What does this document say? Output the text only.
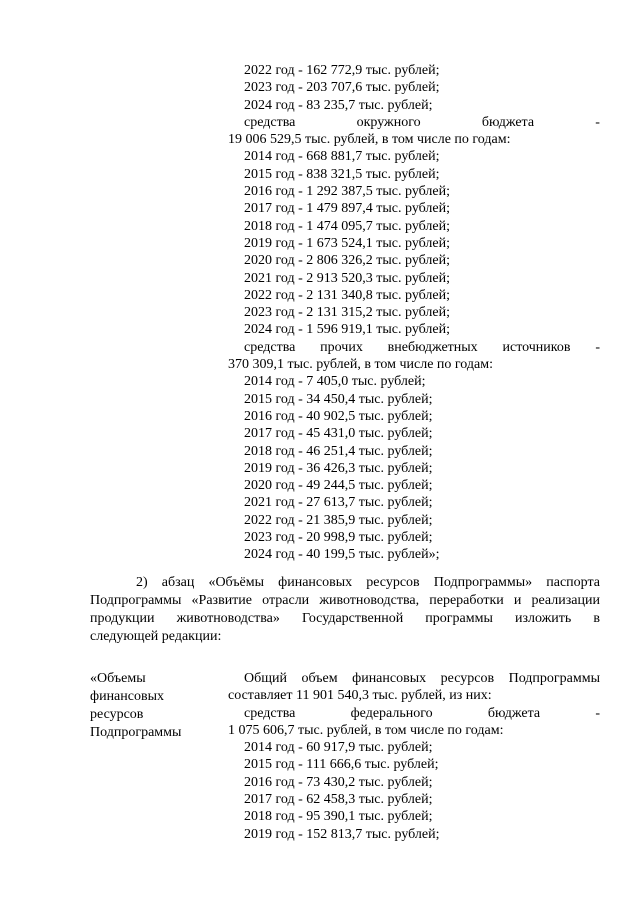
2022 год - 162 772,9 тыс. рублей;
2023 год - 203 707,6 тыс. рублей;
2024 год - 83 235,7 тыс. рублей;
средства	окружного	бюджета	-
19 006 529,5 тыс. рублей, в том числе по годам:
2014 год - 668 881,7 тыс. рублей;
2015 год - 838 321,5 тыс. рублей;
2016 год - 1 292 387,5 тыс. рублей;
2017 год - 1 479 897,4 тыс. рублей;
2018 год - 1 474 095,7 тыс. рублей;
2019 год - 1 673 524,1 тыс. рублей;
2020 год - 2 806 326,2 тыс. рублей;
2021 год - 2 913 520,3 тыс. рублей;
2022 год - 2 131 340,8 тыс. рублей;
2023 год - 2 131 315,2 тыс. рублей;
2024 год - 1 596 919,1 тыс. рублей;
средства прочих внебюджетных источников -
370 309,1 тыс. рублей, в том числе по годам:
2014 год - 7 405,0 тыс. рублей;
2015 год - 34 450,4 тыс. рублей;
2016 год - 40 902,5 тыс. рублей;
2017 год - 45 431,0 тыс. рублей;
2018 год - 46 251,4 тыс. рублей;
2019 год - 36 426,3 тыс. рублей;
2020 год - 49 244,5 тыс. рублей;
2021 год - 27 613,7 тыс. рублей;
2022 год - 21 385,9 тыс. рублей;
2023 год - 20 998,9 тыс. рублей;
2024 год - 40 199,5 тыс. рублей»;
2) абзац «Объёмы финансовых ресурсов Подпрограммы» паспорта
Подпрограммы «Развитие отрасли животноводства, переработки и реализации
продукции животноводства» Государственной программы изложить в
следующей редакции:
«Объемы
финансовых
ресурсов
Подпрограммы
Общий объем финансовых ресурсов Подпрограммы
составляет 11 901 540,3 тыс. рублей, из них:
средства	федерального	бюджета	-
1 075 606,7 тыс. рублей, в том числе по годам:
2014 год - 60 917,9 тыс. рублей;
2015 год - 111 666,6 тыс. рублей;
2016 год - 73 430,2 тыс. рублей;
2017 год - 62 458,3 тыс. рублей;
2018 год - 95 390,1 тыс. рублей;
2019 год - 152 813,7 тыс. рублей;
